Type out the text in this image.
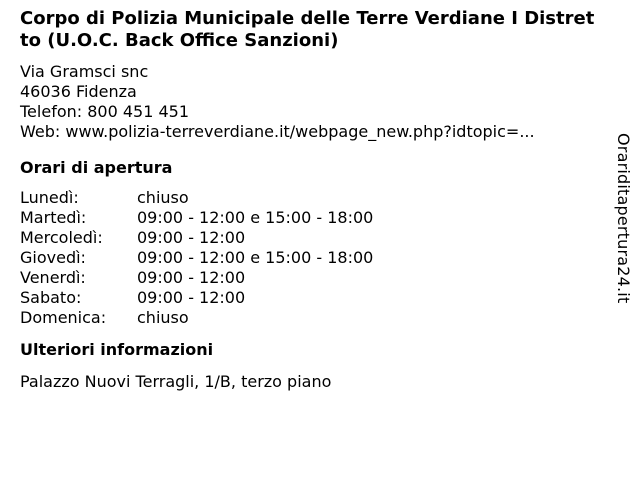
Corpo di Polizia Municipale delle Terre Verdiane I Distretto (U.O.C. Back Office Sanzioni)
Via Gramsci snc
46036 Fidenza
Telefon: 800 451 451
Web: www.polizia-terreverdiane.it/webpage_new.php?idtopic=...
Orari di apertura
Lunedì:	chiuso
Martedì:	09:00 - 12:00 e 15:00 - 18:00
Mercoledì:	09:00 - 12:00
Giovedì:	09:00 - 12:00 e 15:00 - 18:00
Venerdì:	09:00 - 12:00
Sabato:	09:00 - 12:00
Domenica:	chiuso
Ulteriori informazioni
Palazzo Nuovi Terragli, 1/B, terzo piano
Orariditapertura24.it
